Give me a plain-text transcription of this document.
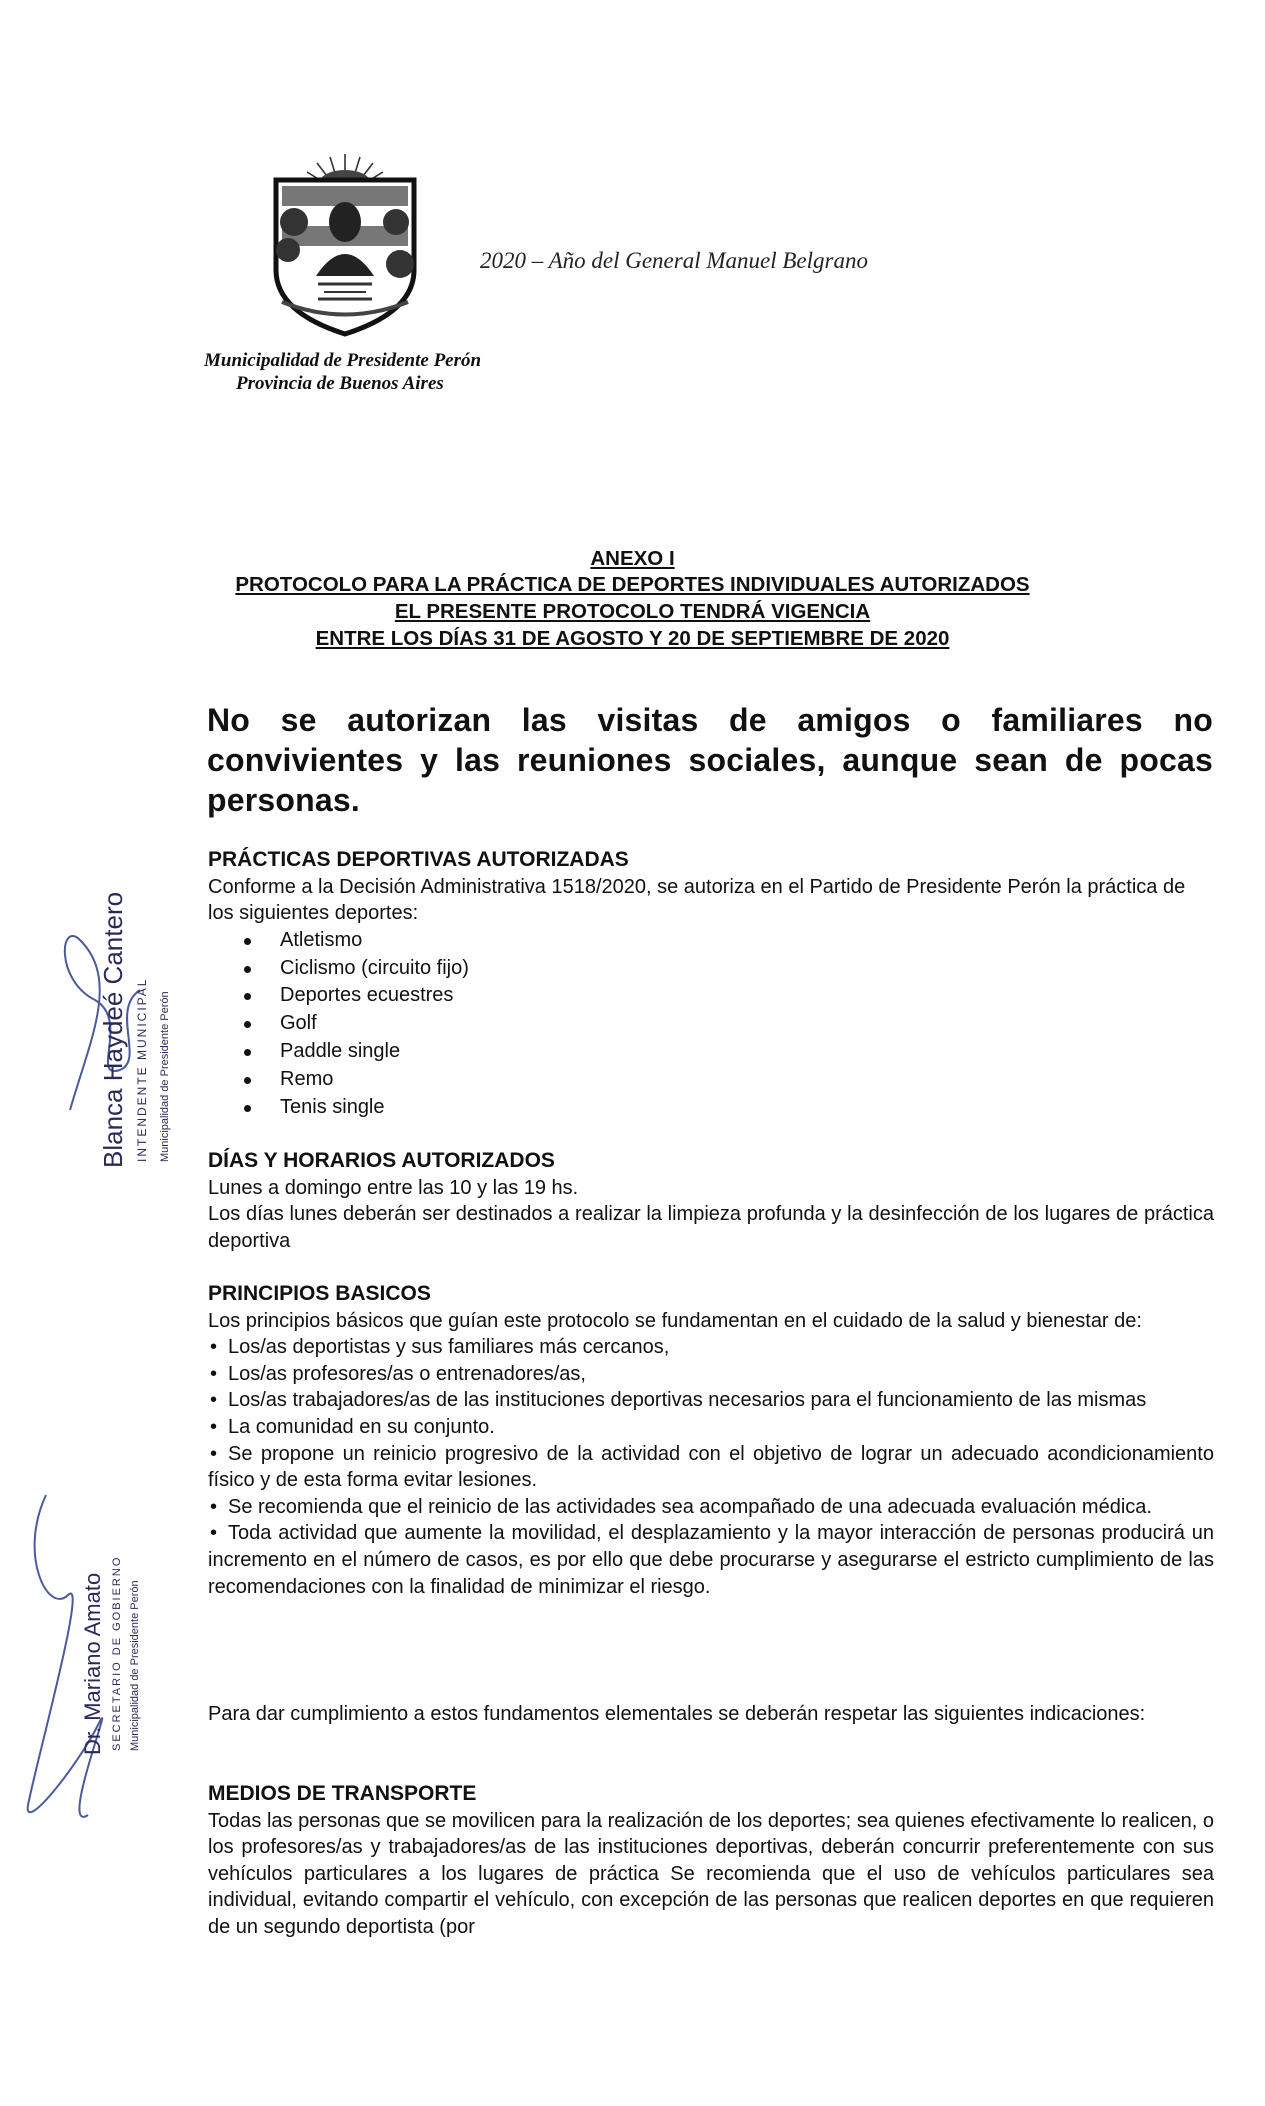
2020 – Año del General Manuel Belgrano
Municipalidad de Presidente Perón
Provincia de Buenos Aires
ANEXO I
PROTOCOLO PARA LA PRÁCTICA DE DEPORTES INDIVIDUALES AUTORIZADOS
EL PRESENTE PROTOCOLO TENDRÁ VIGENCIA
ENTRE LOS DÍAS 31 DE AGOSTO Y 20 DE SEPTIEMBRE DE 2020
No se autorizan las visitas de amigos o familiares no convivientes y las reuniones sociales, aunque sean de pocas personas.
PRÁCTICAS DEPORTIVAS AUTORIZADAS

Conforme a la Decisión Administrativa 1518/2020, se autoriza en el Partido de Presidente Perón la práctica de los siguientes deportes:

Atletismo
Ciclismo (circuito fijo)
Deportes ecuestres
Golf
Paddle single
Remo
Tenis single
DÍAS Y HORARIOS AUTORIZADOS

Lunes a domingo entre las 10 y las 19 hs.

Los días lunes deberán ser destinados a realizar la limpieza profunda y la desinfección de los lugares de práctica deportiva

PRINCIPIOS BASICOS

Los principios básicos que guían este protocolo se fundamentan en el cuidado de la salud y bienestar de:

• Los/as deportistas y sus familiares más cercanos,
• Los/as profesores/as o entrenadores/as,
• Los/as trabajadores/as de las instituciones deportivas necesarios para el funcionamiento de las mismas
• La comunidad en su conjunto.
• Se propone un reinicio progresivo de la actividad con el objetivo de lograr un adecuado acondicionamiento físico y de esta forma evitar lesiones.
• Se recomienda que el reinicio de las actividades sea acompañado de una adecuada evaluación médica.
• Toda actividad que aumente la movilidad, el desplazamiento y la mayor interacción de personas producirá un incremento en el número de casos, es por ello que debe procurarse y asegurarse el estricto cumplimiento de las recomendaciones con la finalidad de minimizar el riesgo.
Para dar cumplimiento a estos fundamentos elementales se deberán respetar las siguientes indicaciones:
MEDIOS DE TRANSPORTE

Todas las personas que se movilicen para la realización de los deportes; sea quienes efectivamente lo realicen, o los profesores/as y trabajadores/as de las instituciones deportivas, deberán concurrir preferentemente con sus vehículos particulares a los lugares de práctica Se recomienda que el uso de vehículos particulares sea individual, evitando compartir el vehículo, con excepción de las personas que realicen deportes en que requieren de un segundo deportista (por

Blanca Haydeé Cantero INTENDENTE MUNICIPAL Municipalidad de Presidente Perón
Dr. Mariano Amato SECRETARIO DE GOBIERNO Municipalidad de Presidente Perón
